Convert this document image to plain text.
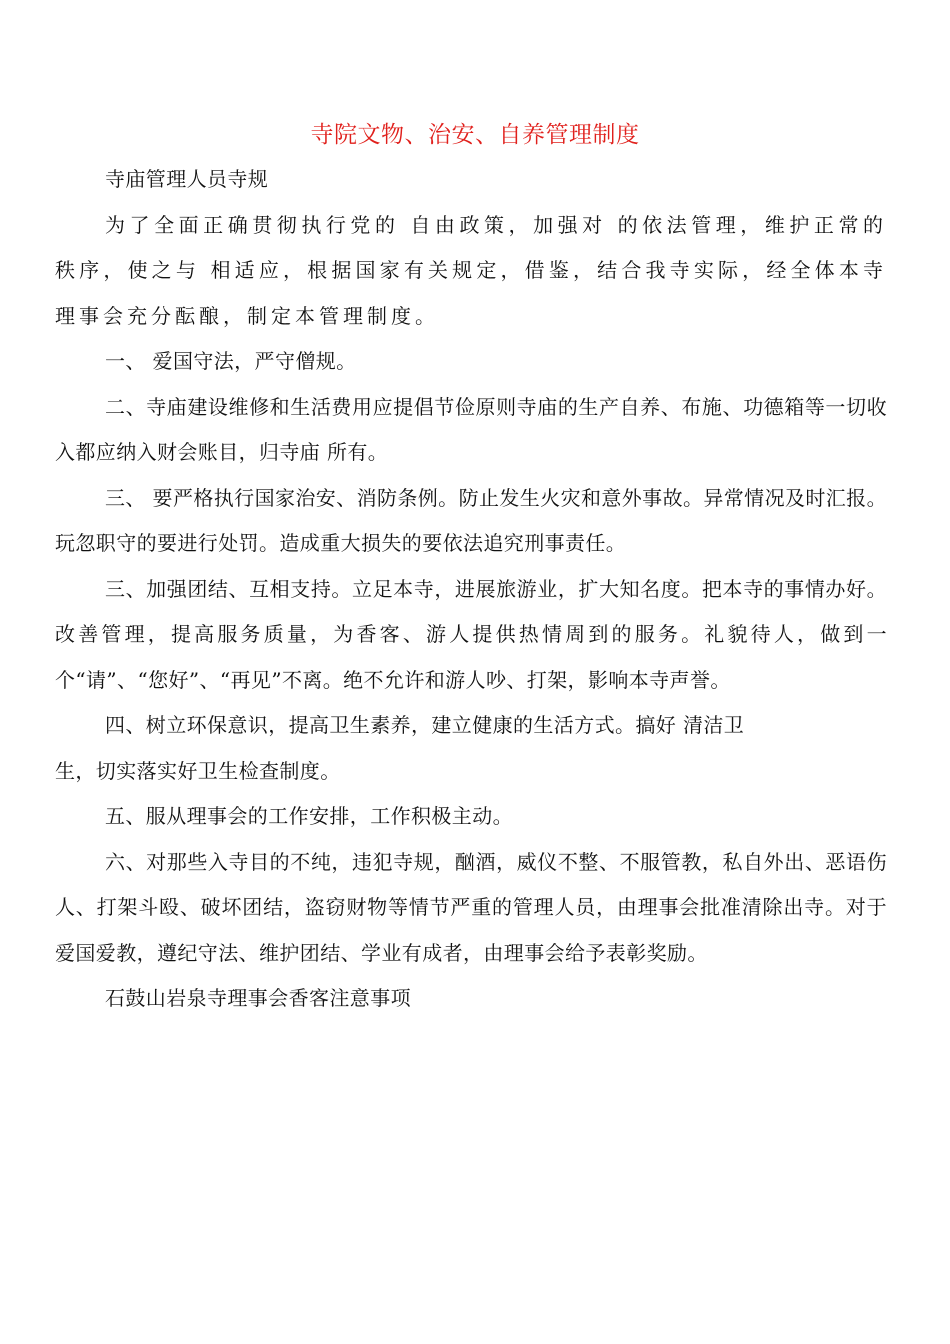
寺院文物、治安、自养管理制度

寺庙管理人员寺规

为了全面正确贯彻执行党的 自由政策，加强对 的依法管理，维护正常的 秩序，使之与 相适应，根据国家有关规定，借鉴，结合我寺实际，经全体本寺理事会充分酝酿，制定本管理制度。

一、 爱国守法，严守僧规。

二、寺庙建设维修和生活费用应提倡节俭原则寺庙的生产自养、布施、功德箱等一切收入都应纳入财会账目，归寺庙 所有。

三、 要严格执行国家治安、消防条例。防止发生火灾和意外事故。异常情况及时汇报。玩忽职守的要进行处罚。造成重大损失的要依法追究刑事责任。

三、加强团结、互相支持。立足本寺，进展旅游业，扩大知名度。把本寺的事情办好。改善管理，提高服务质量，为香客、游人提供热情周到的服务。礼貌待人，做到一个“请”、“您好”、“再见”不离。绝不允许和游人吵、打架，影响本寺声誉。

四、树立环保意识，提高卫生素养，建立健康的生活方式。搞好 清洁卫

生，切实落实好卫生检查制度。

五、服从理事会的工作安排，工作积极主动。

六、对那些入寺目的不纯，违犯寺规，酗酒，威仪不整、不服管教，私自外出、恶语伤人、打架斗殴、破坏团结，盗窃财物等情节严重的管理人员，由理事会批准清除出寺。对于爱国爱教，遵纪守法、维护团结、学业有成者，由理事会给予表彰奖励。

石鼓山岩泉寺理事会香客注意事项
